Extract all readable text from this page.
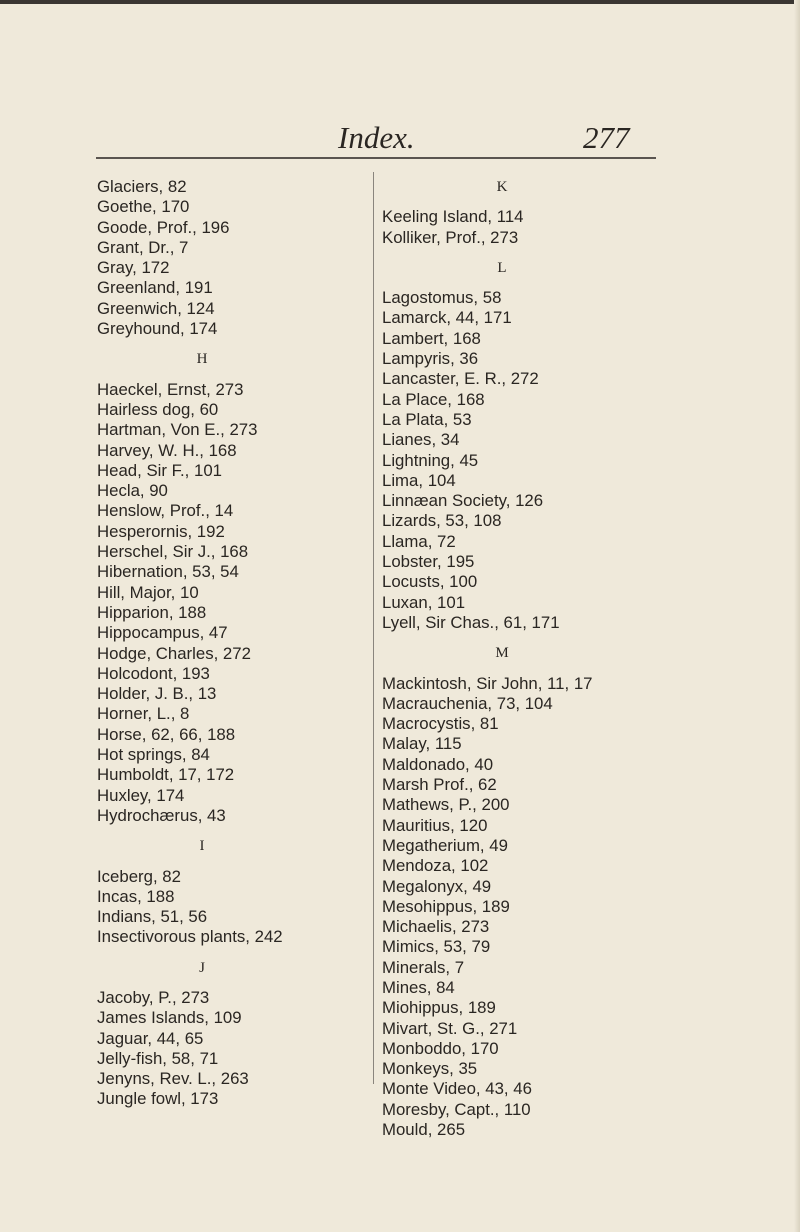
Index.	277
Glaciers, 82
Goethe, 170
Goode, Prof., 196
Grant, Dr., 7
Gray, 172
Greenland, 191
Greenwich, 124
Greyhound, 174
H
Haeckel, Ernst, 273
Hairless dog, 60
Hartman, Von E., 273
Harvey, W. H., 168
Head, Sir F., 101
Hecla, 90
Henslow, Prof., 14
Hesperornis, 192
Herschel, Sir J., 168
Hibernation, 53, 54
Hill, Major, 10
Hipparion, 188
Hippocampus, 47
Hodge, Charles, 272
Holcodont, 193
Holder, J. B., 13
Horner, L., 8
Horse, 62, 66, 188
Hot springs, 84
Humboldt, 17, 172
Huxley, 174
Hydrochærus, 43
I
Iceberg, 82
Incas, 188
Indians, 51, 56
Insectivorous plants, 242
J
Jacoby, P., 273
James Islands, 109
Jaguar, 44, 65
Jelly-fish, 58, 71
Jenyns, Rev. L., 263
Jungle fowl, 173
K
Keeling Island, 114
Kolliker, Prof., 273
L
Lagostomus, 58
Lamarck, 44, 171
Lambert, 168
Lampyris, 36
Lancaster, E. R., 272
La Place, 168
La Plata, 53
Lianes, 34
Lightning, 45
Lima, 104
Linnæan Society, 126
Lizards, 53, 108
Llama, 72
Lobster, 195
Locusts, 100
Luxan, 101
Lyell, Sir Chas., 61, 171
M
Mackintosh, Sir John, 11, 17
Macrauchenia, 73, 104
Macrocystis, 81
Malay, 115
Maldonado, 40
Marsh Prof., 62
Mathews, P., 200
Mauritius, 120
Megatherium, 49
Mendoza, 102
Megalonyx, 49
Mesohippus, 189
Michaelis, 273
Mimics, 53, 79
Minerals, 7
Mines, 84
Miohippus, 189
Mivart, St. G., 271
Monboddo, 170
Monkeys, 35
Monte Video, 43, 46
Moresby, Capt., 110
Mould, 265
